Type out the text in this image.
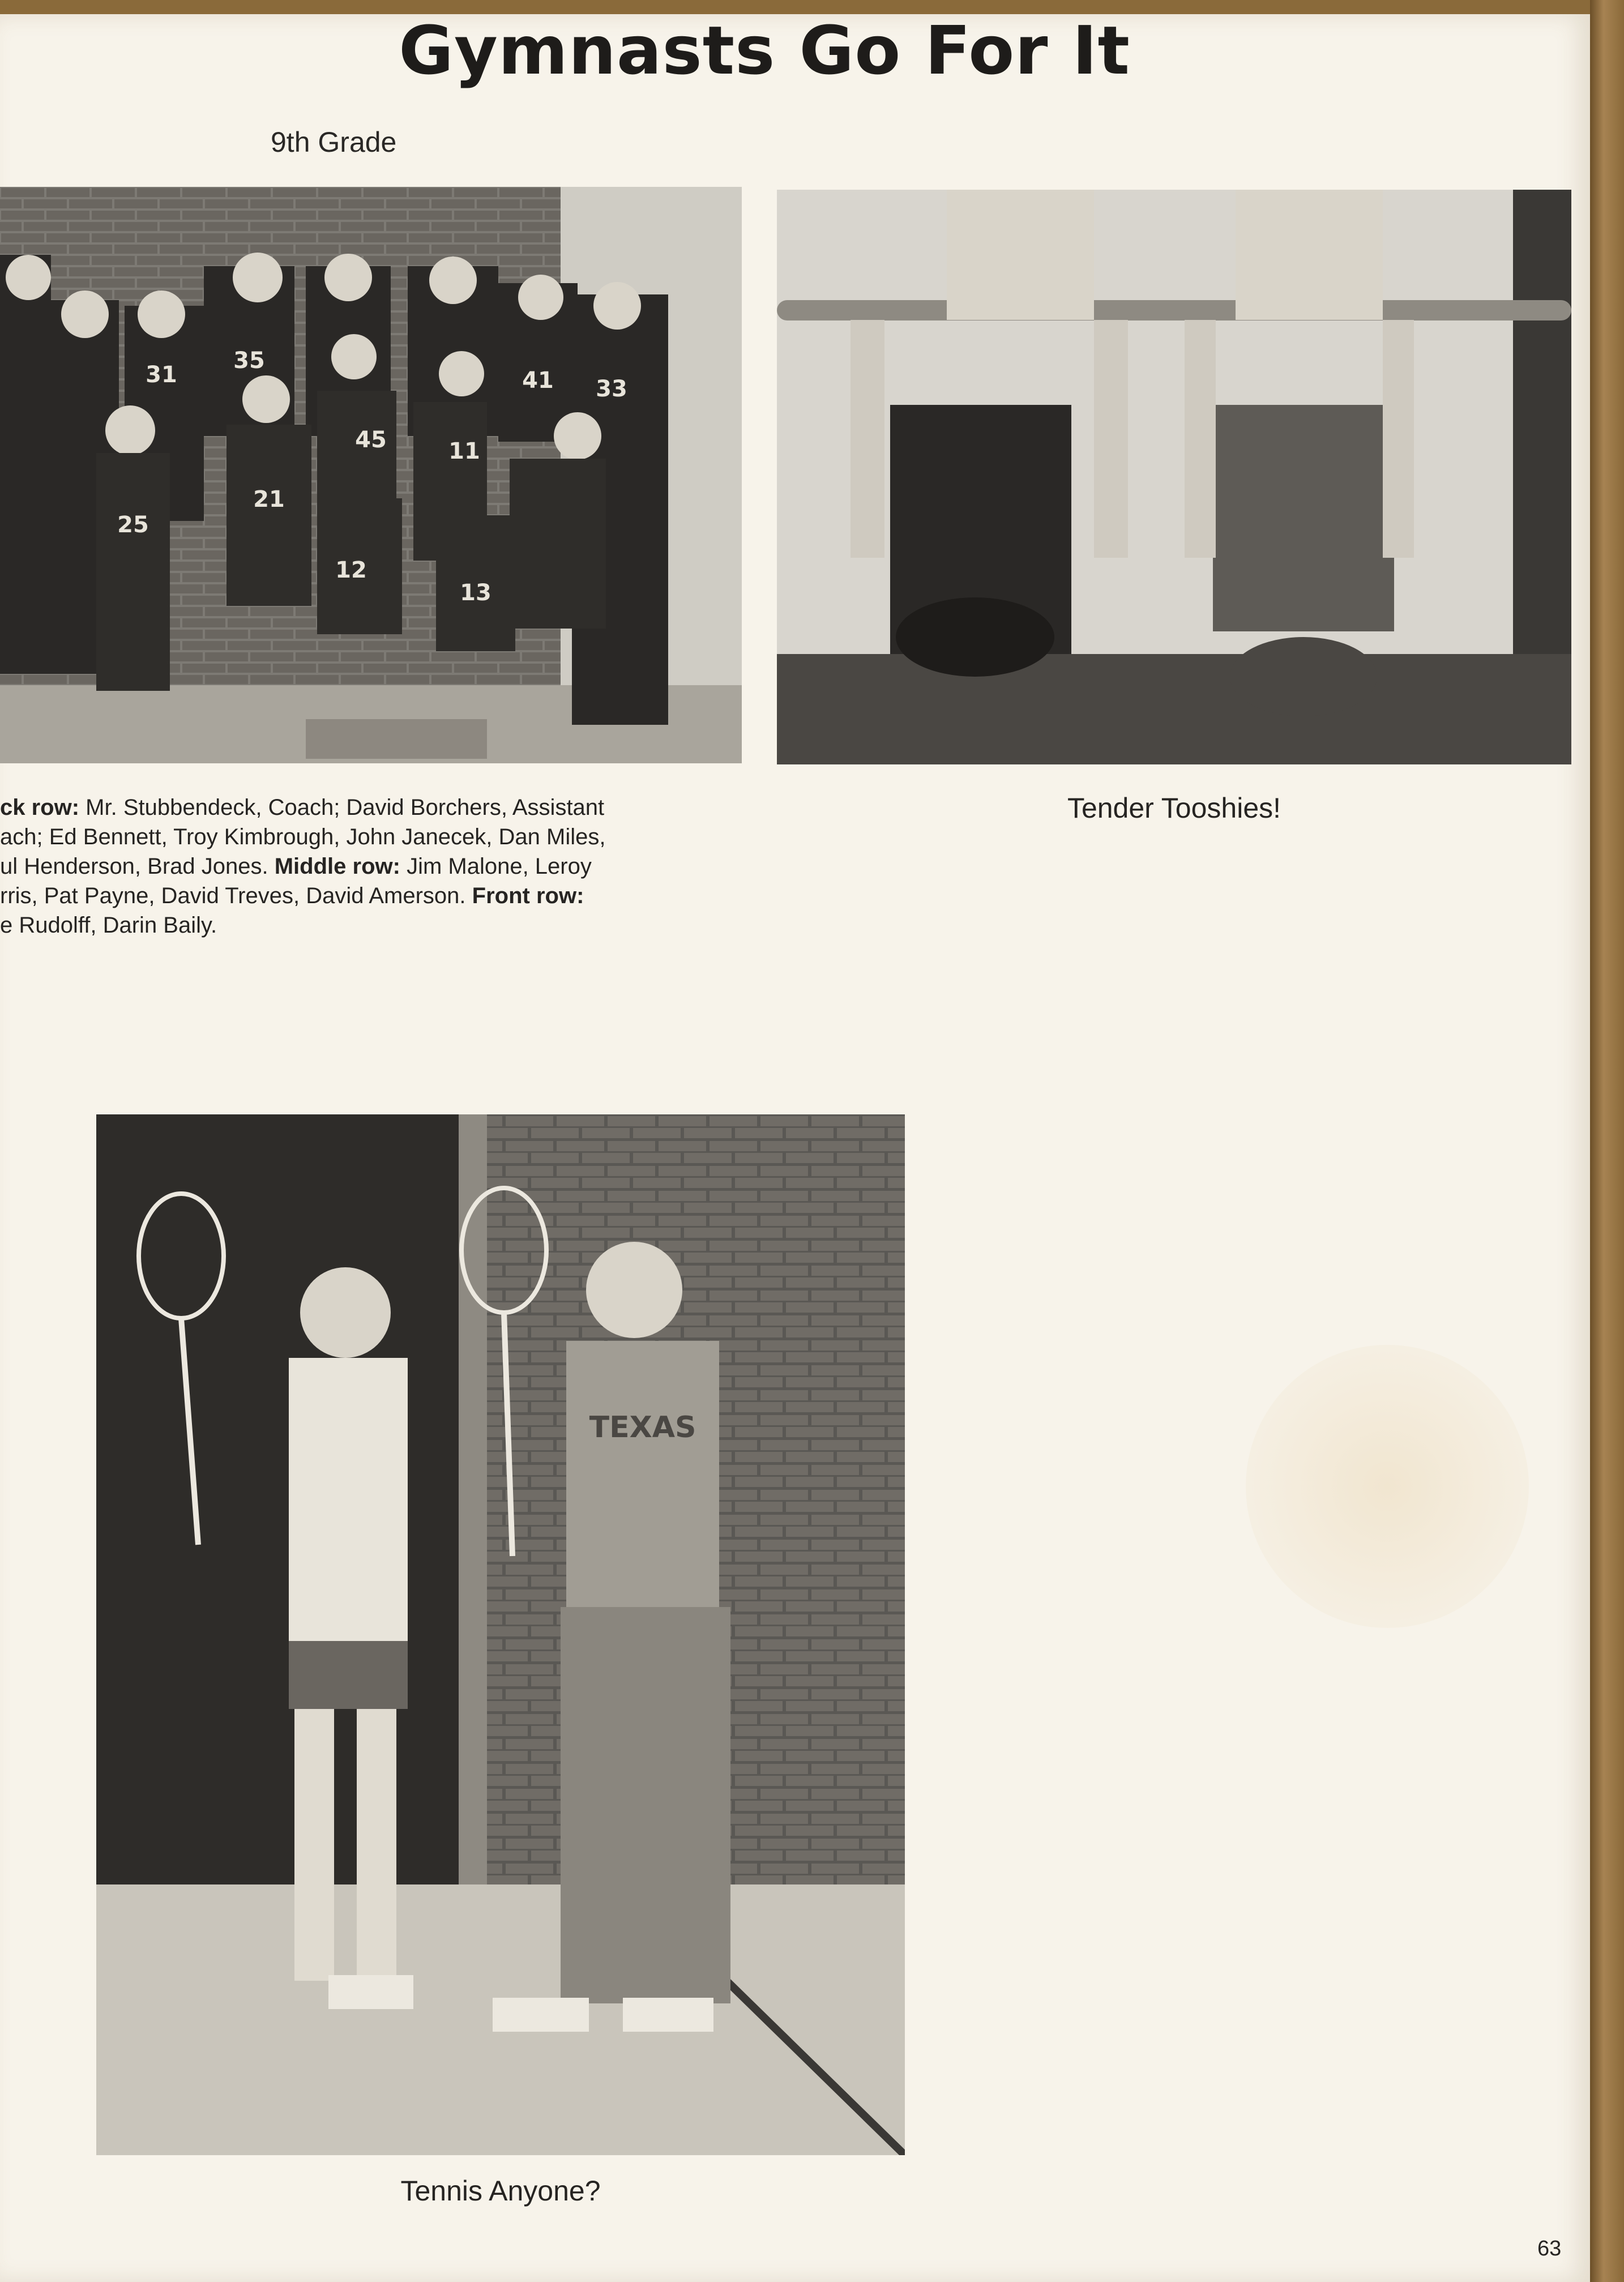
Gymnasts Go For It
9th Grade
35
31	41 33
45	11
21
25
12
13
ck row: Mr. Stubbendeck, Coach; David Borchers, Assistant
ach; Ed Bennett, Troy Kimbrough, John Janecek, Dan Miles,
ul Henderson, Brad Jones. Middle row: Jim Malone, Leroy
rris, Pat Payne, David Treves, David Amerson. Front row:
e Rudolff, Darin Baily.
Tender Tooshies!
TEXAS
Tennis Anyone?
63
